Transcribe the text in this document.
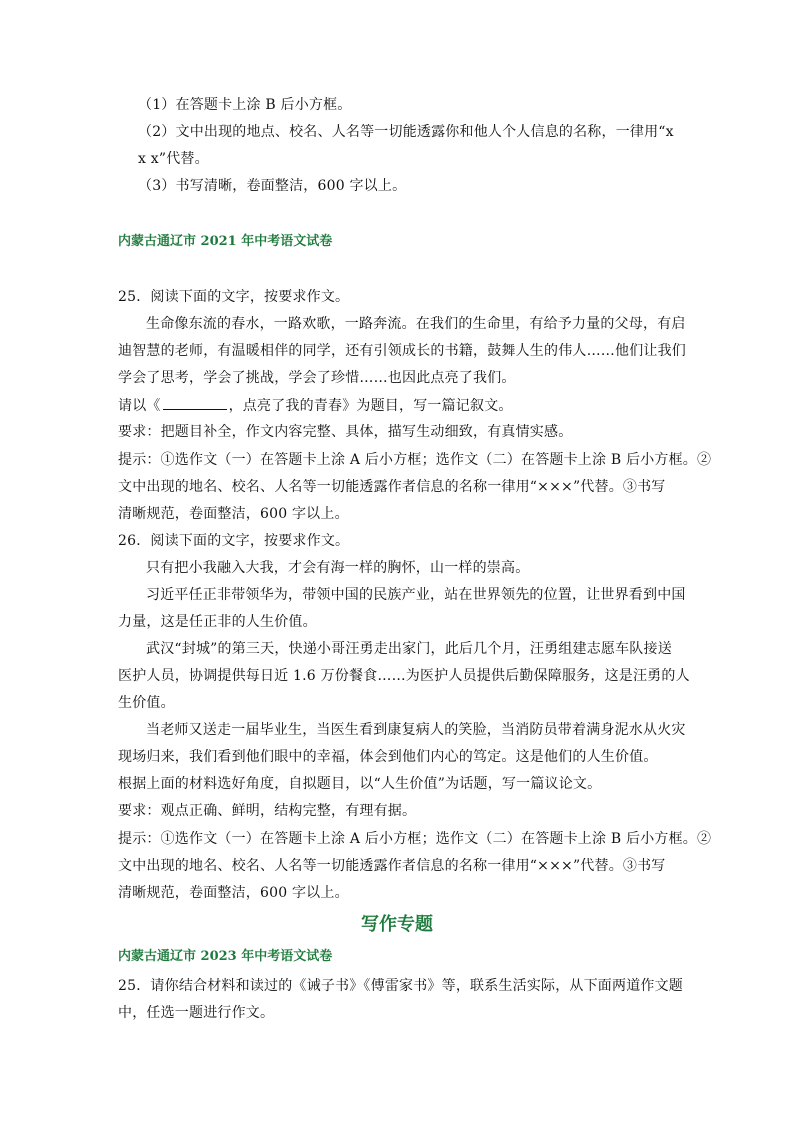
（1）在答题卡上涂 B 后小方框。
（2）文中出现的地点、校名、人名等一切能透露你和他人个人信息的名称，一律用“x
x x”代替。
（3）书写清晰，卷面整洁，600 字以上。
内蒙古通辽市 2021 年中考语文试卷
25．阅读下面的文字，按要求作文。
生命像东流的春水，一路欢歌，一路奔流。在我们的生命里，有给予力量的父母，有启
迪智慧的老师，有温暖相伴的同学，还有引领成长的书籍，鼓舞人生的伟人……他们让我们
学会了思考，学会了挑战，学会了珍惜……也因此点亮了我们。
请以《	，点亮了我的青春》为题目，写一篇记叙文。
要求：把题目补全，作文内容完整、具体，描写生动细致，有真情实感。
提示：①选作文（一）在答题卡上涂 A 后小方框；选作文（二）在答题卡上涂 B 后小方框。②
文中出现的地名、校名、人名等一切能透露作者信息的名称一律用“×××”代替。③书写
清晰规范，卷面整洁，600 字以上。
26．阅读下面的文字，按要求作文。
只有把小我融入大我，才会有海一样的胸怀，山一样的崇高。
习近平任正非带领华为，带领中国的民族产业，站在世界领先的位置，让世界看到中国
力量，这是任正非的人生价值。
武汉“封城”的第三天，快递小哥汪勇走出家门，此后几个月，汪勇组建志愿车队接送
医护人员，协调提供每日近 1.6 万份餐食……为医护人员提供后勤保障服务，这是汪勇的人
生价值。
当老师又送走一届毕业生，当医生看到康复病人的笑脸，当消防员带着满身泥水从火灾
现场归来，我们看到他们眼中的幸福，体会到他们内心的笃定。这是他们的人生价值。
根据上面的材料选好角度，自拟题目，以“人生价值”为话题，写一篇议论文。
要求：观点正确、鲜明，结构完整，有理有据。
提示：①选作文（一）在答题卡上涂 A 后小方框；选作文（二）在答题卡上涂 B 后小方框。②
文中出现的地名、校名、人名等一切能透露作者信息的名称一律用“×××”代替。③书写
清晰规范，卷面整洁，600 字以上。
写作专题
内蒙古通辽市 2023 年中考语文试卷
25．请你结合材料和读过的《诫子书》《傅雷家书》等，联系生活实际，从下面两道作文题
中，任选一题进行作文。
